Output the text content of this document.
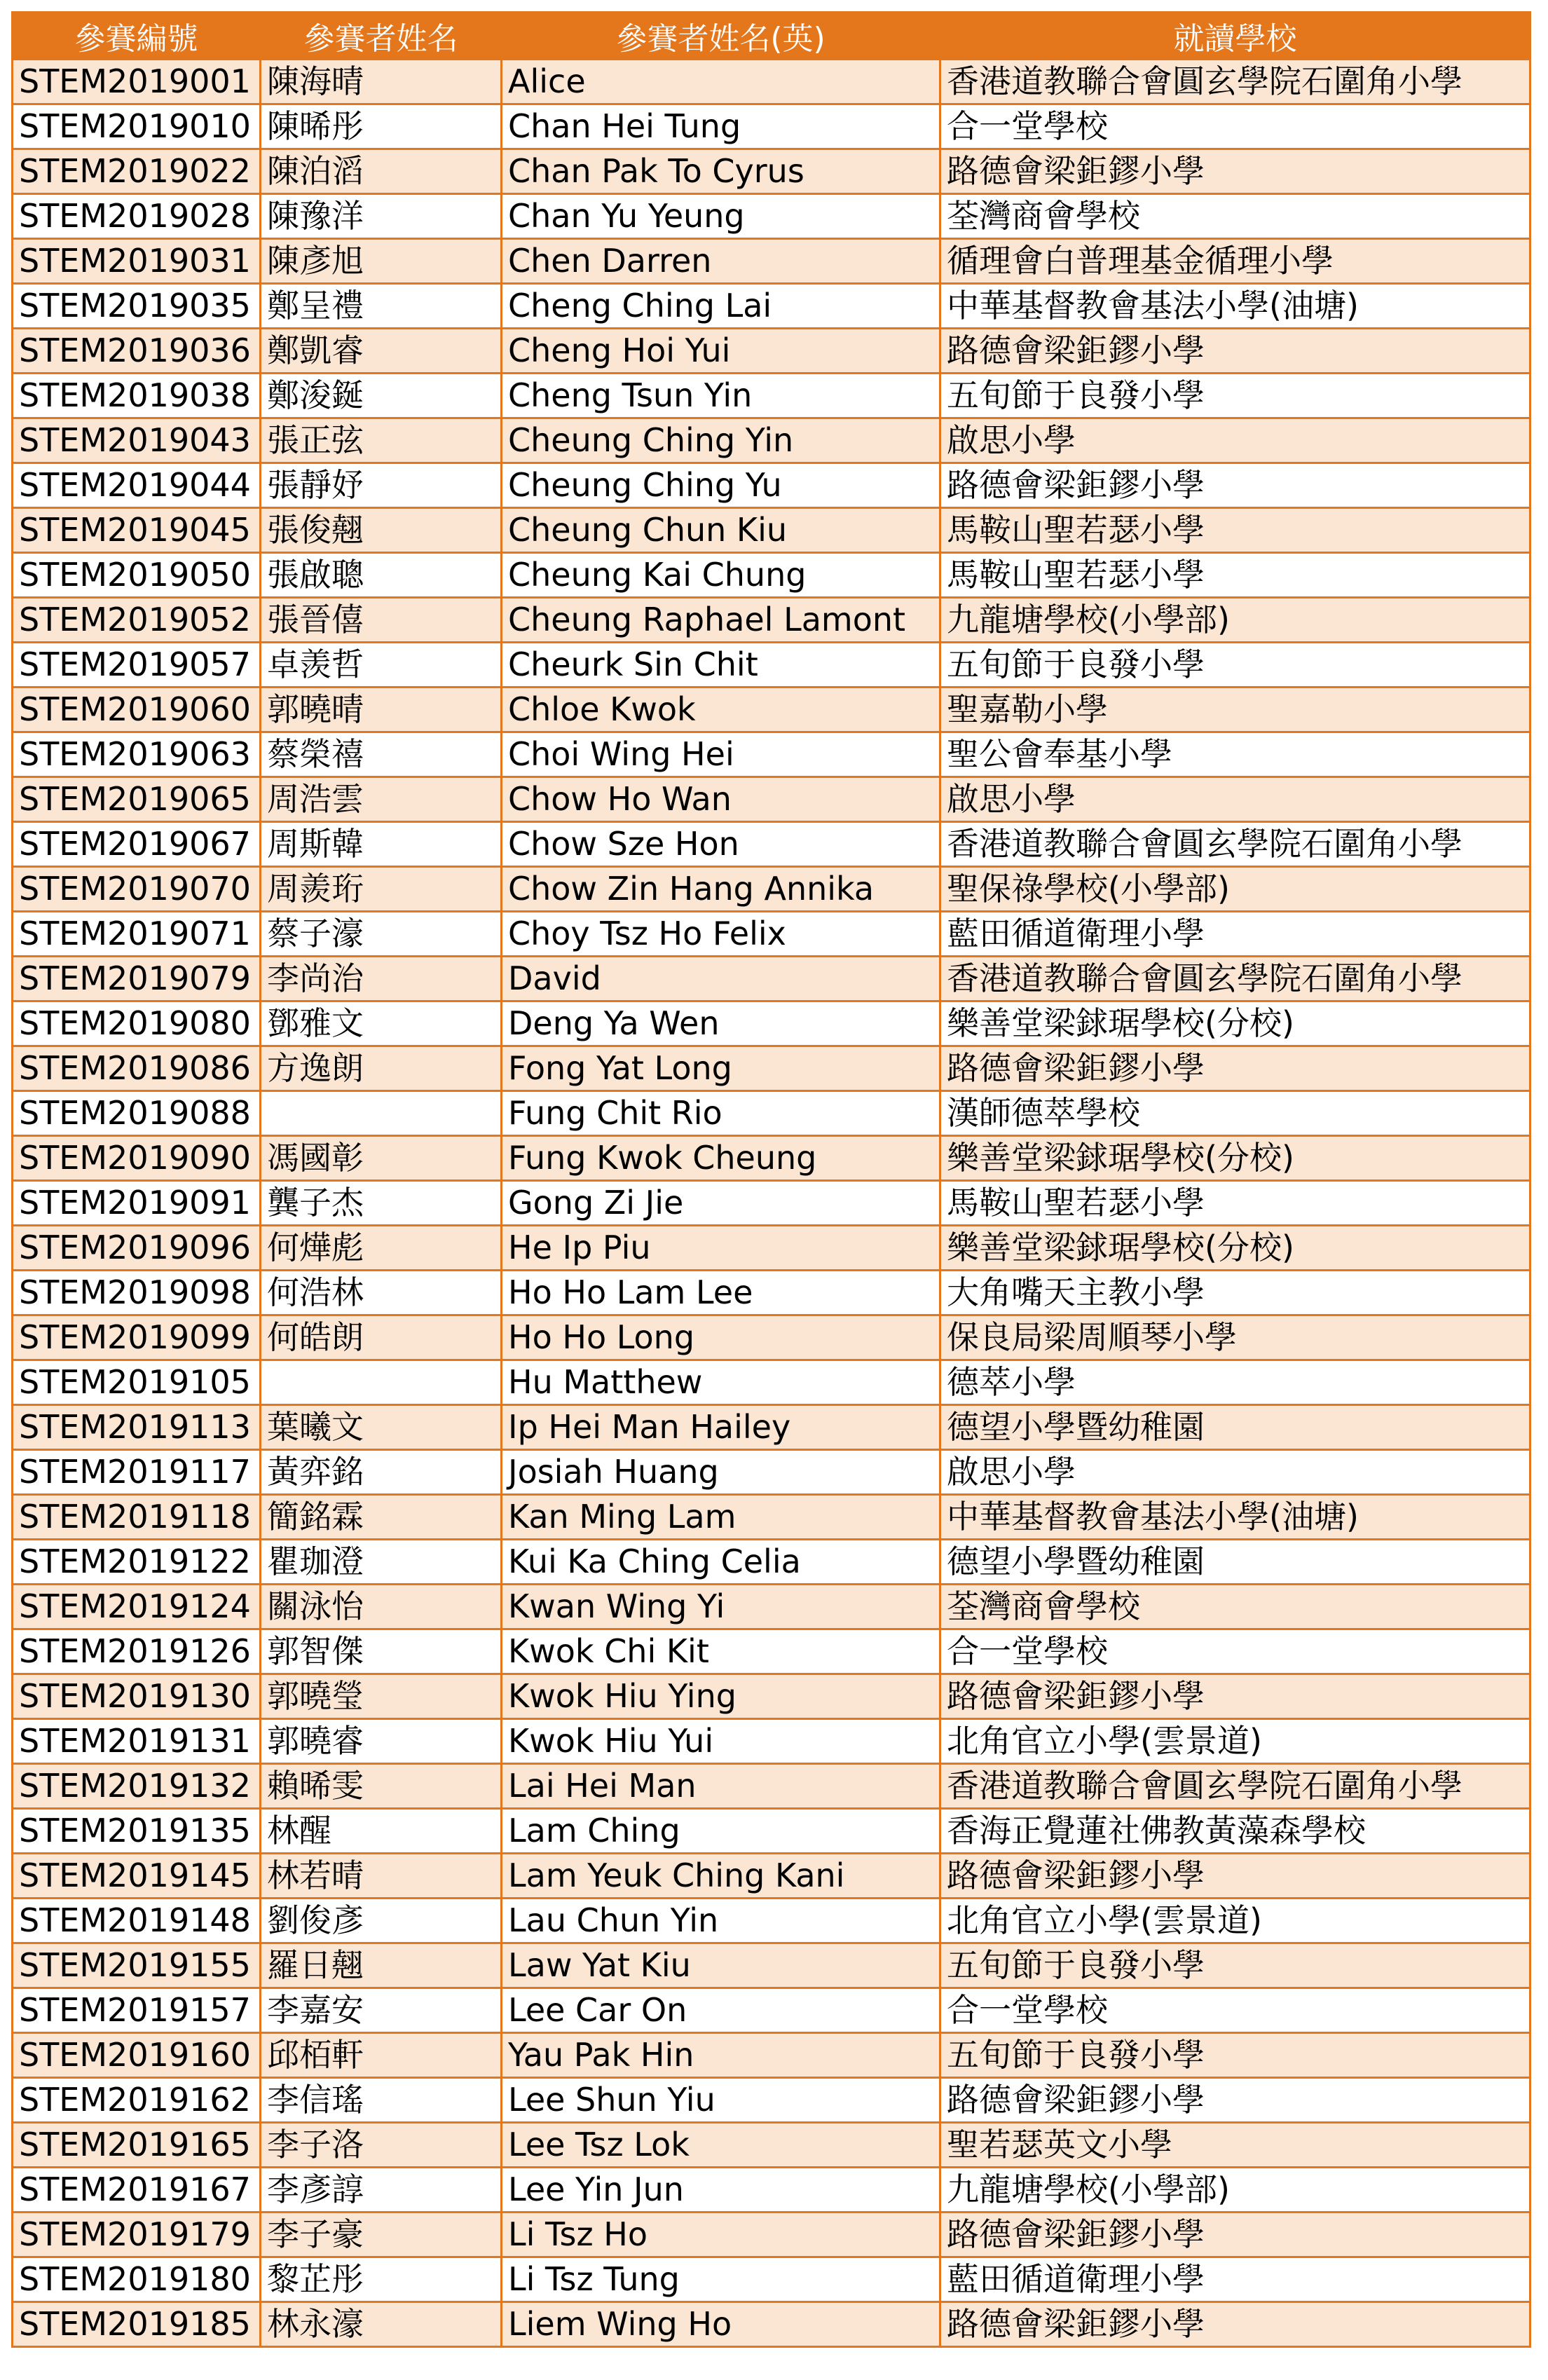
參賽編號	參賽者姓名	參賽者姓名(英)	就讀學校
STEM2019001	陳海晴	Alice	香港道教聯合會圓玄學院石圍角小學
STEM2019010	陳晞彤	Chan Hei Tung	合一堂學校
STEM2019022	陳泊滔	Chan Pak To Cyrus	路德會梁鉅鏐小學
STEM2019028	陳豫洋	Chan Yu Yeung	荃灣商會學校
STEM2019031	陳彥旭	Chen Darren	循理會白普理基金循理小學
STEM2019035	鄭呈禮	Cheng Ching Lai	中華基督教會基法小學(油塘)
STEM2019036	鄭凱睿	Cheng Hoi Yui	路德會梁鉅鏐小學
STEM2019038	鄭浚鋋	Cheng Tsun Yin	五旬節于良發小學
STEM2019043	張正弦	Cheung Ching Yin	啟思小學
STEM2019044	張靜妤	Cheung Ching Yu	路德會梁鉅鏐小學
STEM2019045	張俊翹	Cheung Chun Kiu	馬鞍山聖若瑟小學
STEM2019050	張啟聰	Cheung Kai Chung	馬鞍山聖若瑟小學
STEM2019052	張晉僖	Cheung Raphael Lamont	九龍塘學校(小學部)
STEM2019057	卓羡哲	Cheurk Sin Chit	五旬節于良發小學
STEM2019060	郭曉晴	Chloe Kwok	聖嘉勒小學
STEM2019063	蔡榮禧	Choi Wing Hei	聖公會奉基小學
STEM2019065	周浩雲	Chow Ho Wan	啟思小學
STEM2019067	周斯韓	Chow Sze Hon	香港道教聯合會圓玄學院石圍角小學
STEM2019070	周羨珩	Chow Zin Hang Annika	聖保祿學校(小學部)
STEM2019071	蔡子濠	Choy Tsz Ho Felix	藍田循道衛理小學
STEM2019079	李尚治	David	香港道教聯合會圓玄學院石圍角小學
STEM2019080	鄧雅文	Deng Ya Wen	樂善堂梁銶琚學校(分校)
STEM2019086	方逸朗	Fong Yat Long	路德會梁鉅鏐小學
STEM2019088		Fung Chit Rio	漢師德萃學校
STEM2019090	馮國彰	Fung Kwok Cheung	樂善堂梁銶琚學校(分校)
STEM2019091	龔子杰	Gong Zi Jie	馬鞍山聖若瑟小學
STEM2019096	何燁彪	He Ip Piu	樂善堂梁銶琚學校(分校)
STEM2019098	何浩林	Ho Ho Lam Lee	大角嘴天主教小學
STEM2019099	何皓朗	Ho Ho Long	保良局梁周順琴小學
STEM2019105		Hu Matthew	德萃小學
STEM2019113	葉曦文	Ip Hei Man Hailey	德望小學暨幼稚園
STEM2019117	黃弈銘	Josiah Huang	啟思小學
STEM2019118	簡銘霖	Kan Ming Lam	中華基督教會基法小學(油塘)
STEM2019122	瞿珈澄	Kui Ka Ching Celia	德望小學暨幼稚園
STEM2019124	關泳怡	Kwan Wing Yi	荃灣商會學校
STEM2019126	郭智傑	Kwok Chi Kit	合一堂學校
STEM2019130	郭曉瑩	Kwok Hiu Ying	路德會梁鉅鏐小學
STEM2019131	郭曉睿	Kwok Hiu Yui	北角官立小學(雲景道)
STEM2019132	賴晞雯	Lai Hei Man	香港道教聯合會圓玄學院石圍角小學
STEM2019135	林醒	Lam Ching	香海正覺蓮社佛教黃藻森學校
STEM2019145	林若晴	Lam Yeuk Ching Kani	路德會梁鉅鏐小學
STEM2019148	劉俊彥	Lau Chun Yin	北角官立小學(雲景道)
STEM2019155	羅日翹	Law Yat Kiu	五旬節于良發小學
STEM2019157	李嘉安	Lee Car On	合一堂學校
STEM2019160	邱栢軒	Yau Pak Hin	五旬節于良發小學
STEM2019162	李信瑤	Lee Shun Yiu	路德會梁鉅鏐小學
STEM2019165	李子洛	Lee Tsz Lok	聖若瑟英文小學
STEM2019167	李彥諄	Lee Yin Jun	九龍塘學校(小學部)
STEM2019179	李子豪	Li Tsz Ho	路德會梁鉅鏐小學
STEM2019180	黎芷彤	Li Tsz Tung	藍田循道衛理小學
STEM2019185	林永濠	Liem Wing Ho	路德會梁鉅鏐小學
